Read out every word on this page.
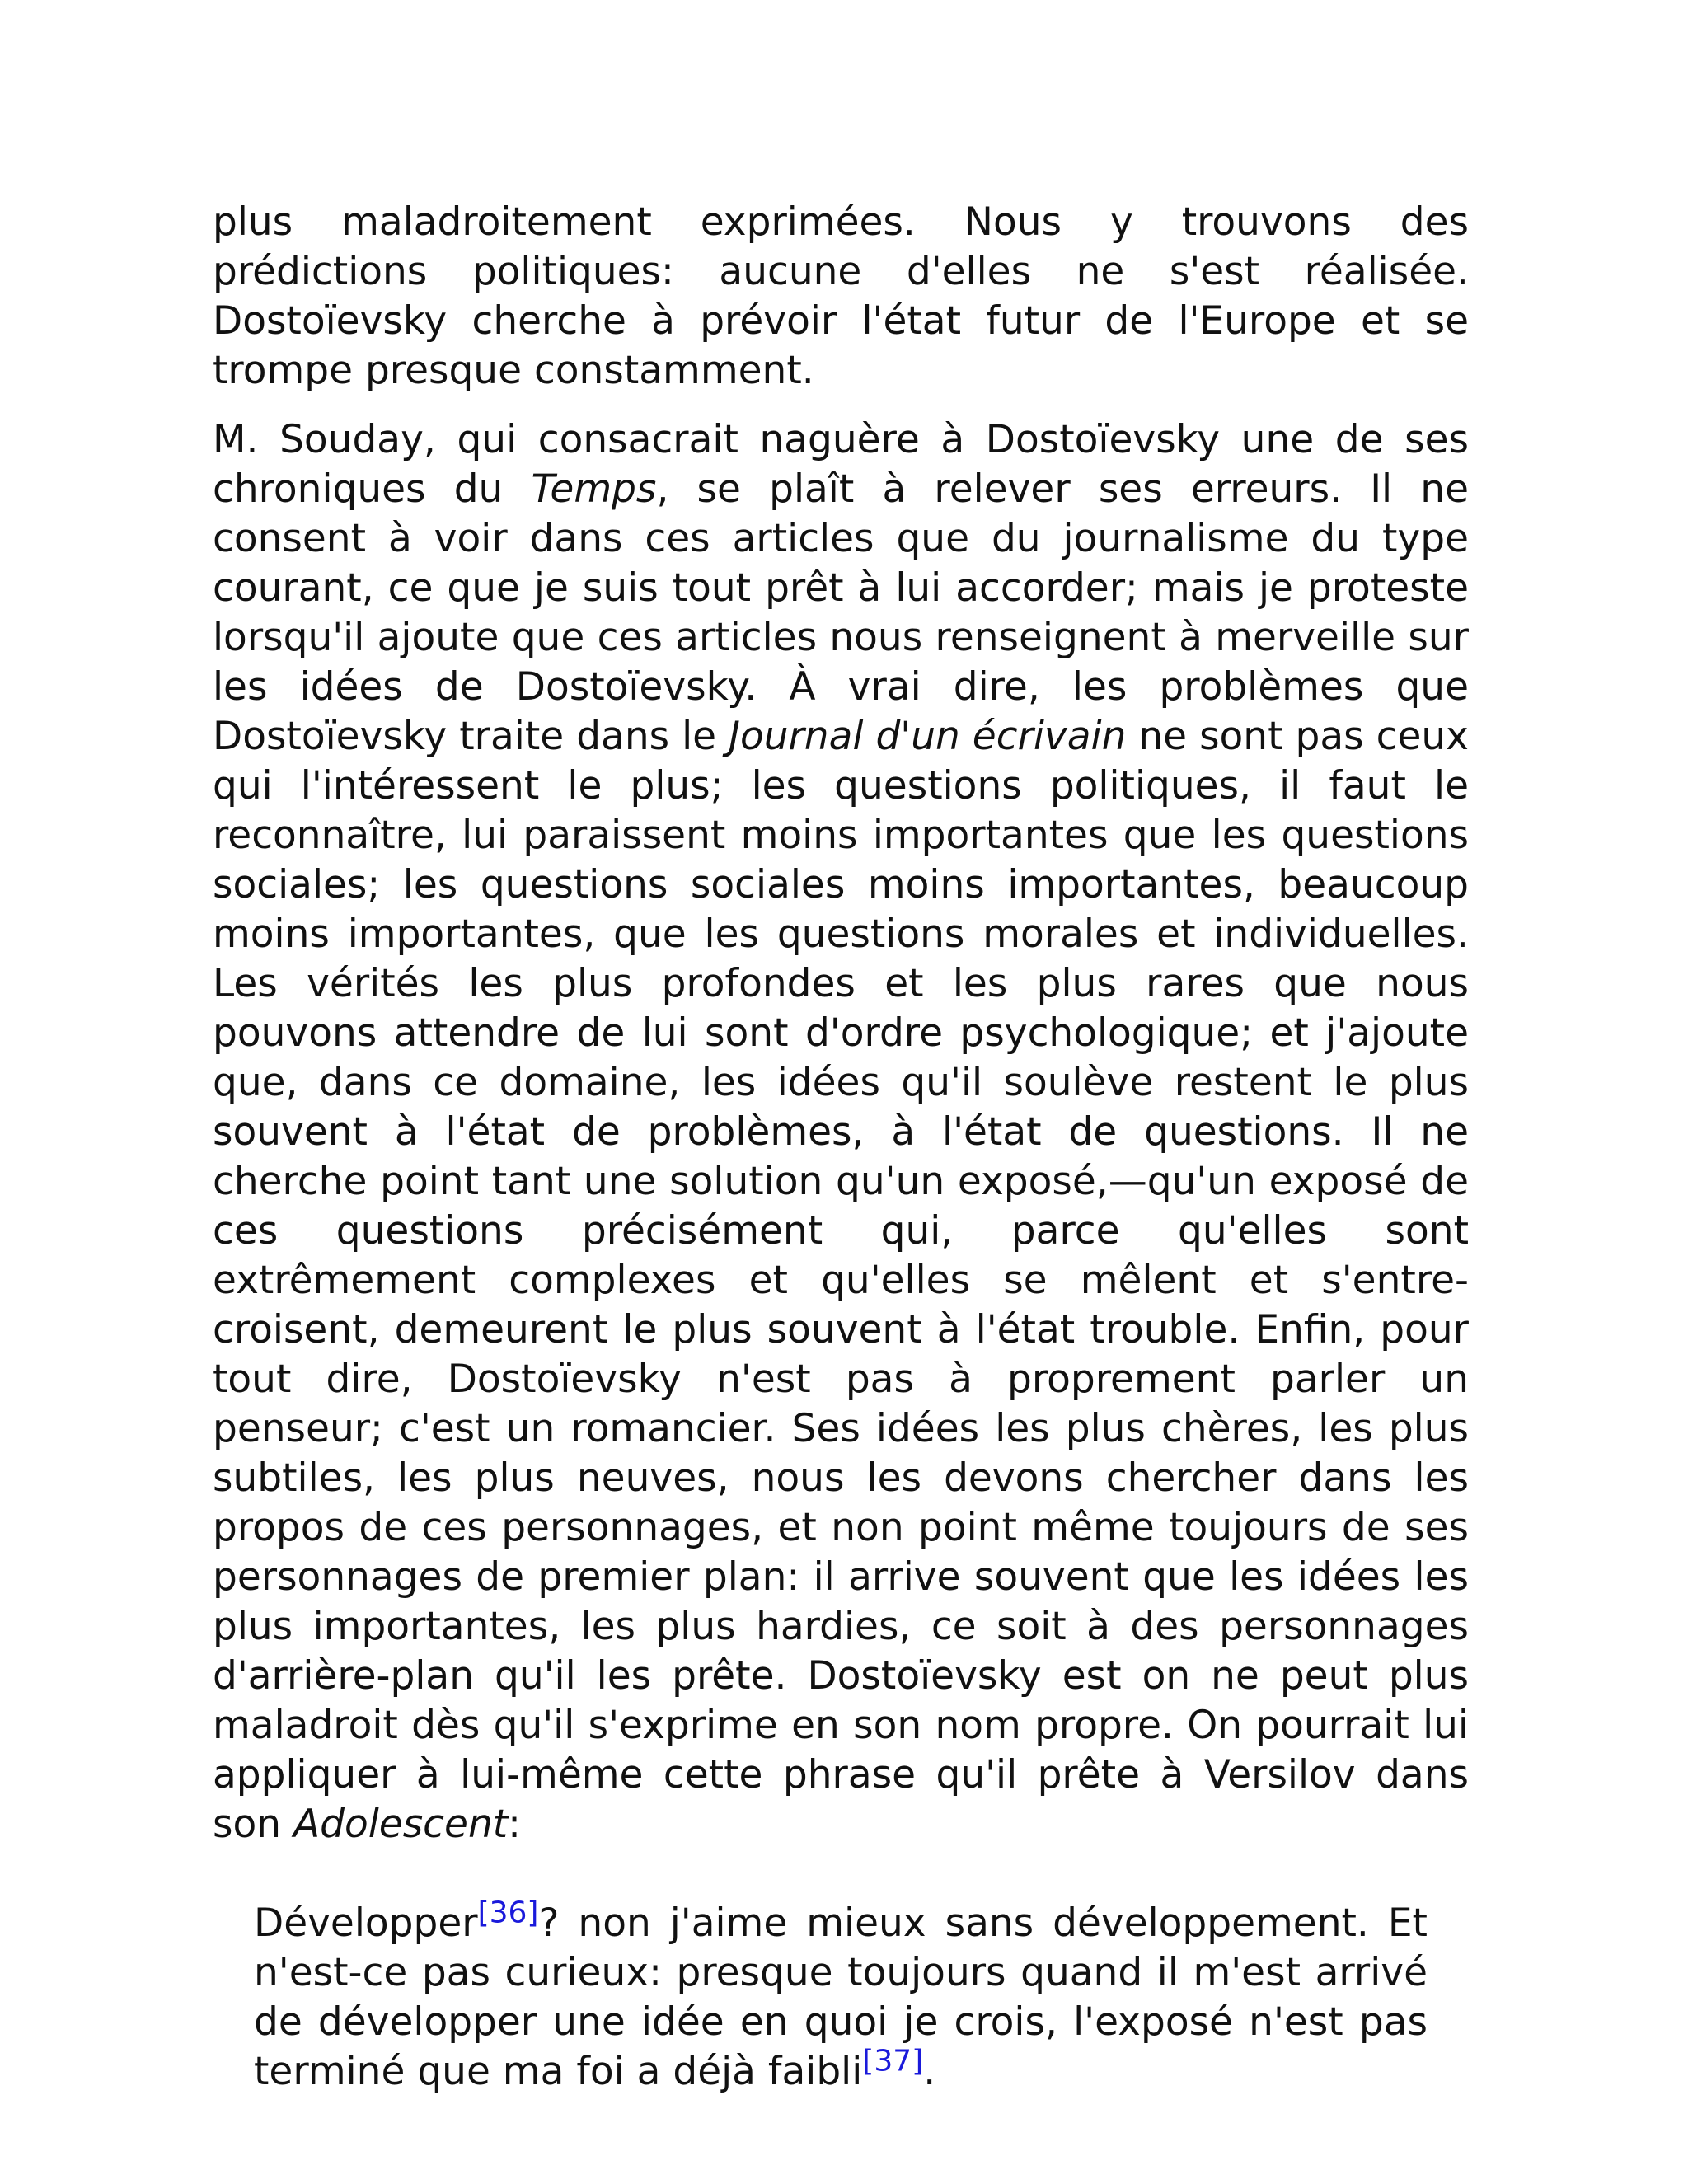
plus maladroitement exprimées. Nous y trouvons des prédictions politiques: aucune d'elles ne s'est réalisée. Dostoïevsky cherche à prévoir l'état futur de l'Europe et se trompe presque constamment.

M. Souday, qui consacrait naguère à Dostoïevsky une de ses chroniques du Temps, se plaît à relever ses erreurs. Il ne consent à voir dans ces articles que du journalisme du type courant, ce que je suis tout prêt à lui accorder; mais je proteste lorsqu'il ajoute que ces articles nous renseignent à merveille sur les idées de Dostoïevsky. À vrai dire, les problèmes que Dostoïevsky traite dans le Journal d'un écrivain ne sont pas ceux qui l'intéressent le plus; les questions politiques, il faut le reconnaître, lui paraissent moins importantes que les questions sociales; les questions sociales moins importantes, beaucoup moins importantes, que les questions morales et individuelles. Les vérités les plus profondes et les plus rares que nous pouvons attendre de lui sont d'ordre psychologique; et j'ajoute que, dans ce domaine, les idées qu'il soulève restent le plus souvent à l'état de problèmes, à l'état de questions. Il ne cherche point tant une solution qu'un exposé,—qu'un exposé de ces questions précisément qui, parce qu'elles sont extrêmement complexes et qu'elles se mêlent et s'entre-croisent, demeurent le plus souvent à l'état trouble. Enfin, pour tout dire, Dostoïevsky n'est pas à proprement parler un penseur; c'est un romancier. Ses idées les plus chères, les plus subtiles, les plus neuves, nous les devons chercher dans les propos de ces personnages, et non point même toujours de ses personnages de premier plan: il arrive souvent que les idées les plus importantes, les plus hardies, ce soit à des personnages d'arrière-plan qu'il les prête. Dostoïevsky est on ne peut plus maladroit dès qu'il s'exprime en son nom propre. On pourrait lui appliquer à lui-même cette phrase qu'il prête à Versilov dans son Adolescent:

Développer[36]? non j'aime mieux sans développement. Et n'est-ce pas curieux: presque toujours quand il m'est arrivé de développer une idée en quoi je crois, l'exposé n'est pas terminé que ma foi a déjà faibli[37].
